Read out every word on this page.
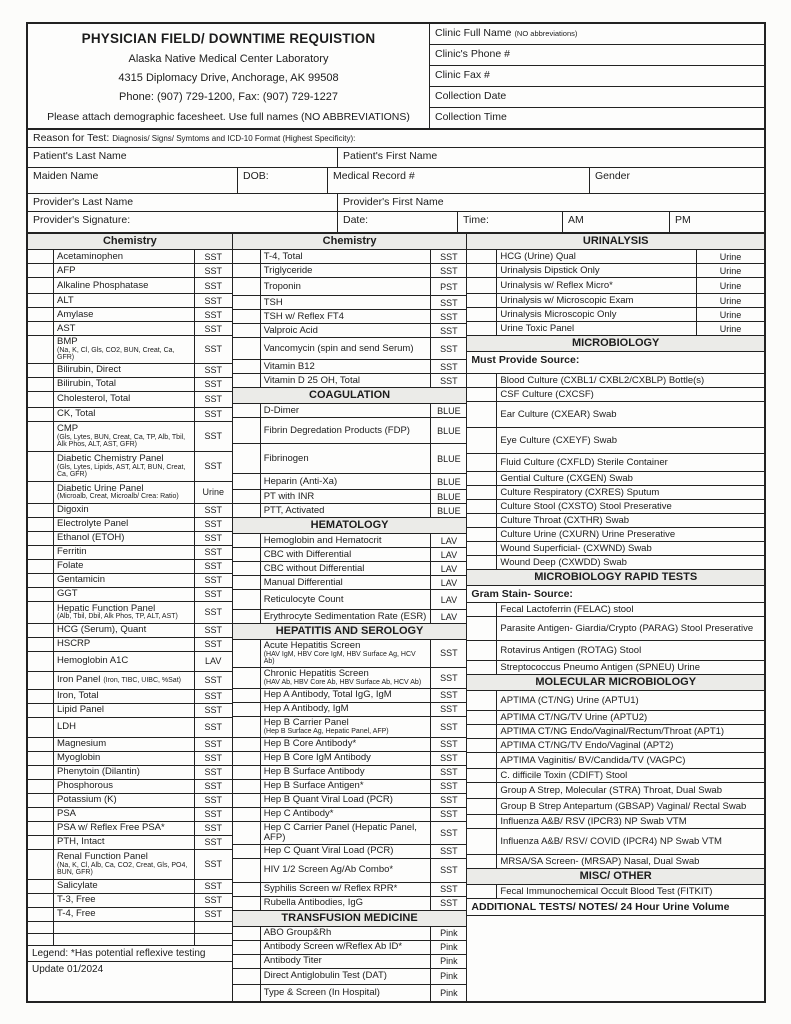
PHYSICIAN FIELD/ DOWNTIME REQUISTION
Alaska Native Medical Center Laboratory
4315 Diplomacy Drive, Anchorage, AK 99508
Phone: (907) 729-1200, Fax: (907) 729-1227
Please attach demographic facesheet. Use full names (NO ABBREVIATIONS)
Clinic Full Name (NO abbreviations)
Clinic's Phone #
Clinic Fax #
Collection Date
Collection Time
Reason for Test: Diagnosis/ Signs/ Symtoms and ICD-10 Format (Highest Specificity):
Patient's Last Name	Patient's First Name
Maiden Name	DOB:	Medical Record #	Gender
Provider's Last Name	Provider's First Name
Provider's Signature:	Date:	Time:	AM	PM
Chemistry
Acetaminophen	SST
AFP	SST
Alkaline Phosphatase	SST
ALT	SST
Amylase	SST
AST	SST
BMP
(Na, K, Cl, Gls, CO2, BUN, Creat, Ca, GFR)
SST
Bilirubin, Direct	SST
Bilirubin, Total	SST
Cholesterol, Total	SST
CK, Total	SST
CMP
(Gls, Lytes, BUN, Creat, Ca, TP, Alb, Tbil, Alk Phos, ALT, AST, GFR)
SST
Diabetic Chemistry Panel
(Gls, Lytes, Lipids, AST, ALT, BUN, Creat, Ca, GFR)
SST
Diabetic Urine Panel
(Microalb, Creat, Microalb/ Crea: Ratio)	Urine
Digoxin	SST
Electrolyte Panel	SST
Ethanol (ETOH)	SST
Ferritin	SST
Folate	SST
Gentamicin	SST
GGT	SST
Hepatic Function Panel
(Alb, Tbil, Dbil, Alk Phos, TP, ALT, AST)	SST
HCG (Serum), Quant	SST
HSCRP	SST
Hemoglobin A1C	LAV
Iron Panel (Iron, TIBC, UIBC, %Sat)	SST
Iron, Total	SST
Lipid Panel	SST
LDH	SST
Magnesium	SST
Myoglobin	SST
Phenytoin (Dilantin)	SST
Phosphorous	SST
Potassium (K)	SST
PSA	SST
PSA w/ Reflex Free PSA*	SST
PTH, Intact	SST
Renal Function Panel
(Na, K, Cl, Alb, Ca, CO2, Creat, Gls, PO4, BUN, GFR)
SST
Salicylate	SST
T-3, Free	SST
T-4, Free	SST
Legend: *Has potential reflexive testing
Update 01/2024
Chemistry
T-4, Total	SST
Triglyceride	SST
Troponin	PST
TSH	SST
TSH w/ Reflex FT4	SST
Valproic Acid	SST
Vancomycin (spin and send Serum)	SST
Vitamin B12	SST
Vitamin D 25 OH, Total	SST
COAGULATION
D-Dimer	BLUE
Fibrin Degredation Products (FDP)	BLUE
Fibrinogen	BLUE
Heparin (Anti-Xa)	BLUE
PT with INR	BLUE
PTT, Activated	BLUE
HEMATOLOGY
Hemoglobin and Hematocrit	LAV
CBC with Differential	LAV
CBC without Differential	LAV
Manual Differential	LAV
Reticulocyte Count	LAV
Erythrocyte Sedimentation Rate (ESR)	LAV
HEPATITIS AND SEROLOGY
Acute Hepatitis Screen
(HAV IgM, HBV Core IgM, HBV Surface Ag, HCV Ab)
SST
Chronic Hepatitis Screen
(HAV Ab, HBV Core Ab, HBV Surface Ab, HCV Ab)	SST
Hep A Antibody, Total IgG, IgM	SST
Hep A Antibody, IgM	SST
Hep B Carrier Panel
(Hep B Surface Ag, Hepatic Panel, AFP)	SST
Hep B Core Antibody*	SST
Hep B Core IgM Antibody	SST
Hep B Surface Antibody	SST
Hep B Surface Antigen*	SST
Hep B Quant Viral Load (PCR)	SST
Hep C Antibody*	SST
Hep C Carrier Panel (Hepatic Panel, AFP)	SST
Hep C Quant Viral Load (PCR)	SST
HIV 1/2 Screen Ag/Ab Combo*	SST
Syphilis Screen w/ Reflex RPR*	SST
Rubella Antibodies, IgG	SST
TRANSFUSION MEDICINE
ABO Group&Rh	Pink
Antibody Screen w/Reflex Ab ID*	Pink
Antibody Titer	Pink
Direct Antiglobulin Test (DAT)	Pink
Type & Screen (In Hospital)	Pink
URINALYSIS
HCG (Urine) Qual	Urine
Urinalysis Dipstick Only	Urine
Urinalysis w/ Reflex Micro*	Urine
Urinalysis w/ Microscopic Exam	Urine
Urinalysis Microscopic Only	Urine
Urine Toxic Panel	Urine
MICROBIOLOGY
Must Provide Source:
Blood Culture (CXBL1/ CXBL2/CXBLP) Bottle(s)
CSF Culture (CXCSF)
Ear Culture (CXEAR) Swab
Eye Culture (CXEYF) Swab
Fluid Culture (CXFLD) Sterile Container
Gential Culture (CXGEN) Swab
Culture Respiratory (CXRES) Sputum
Culture Stool (CXSTO) Stool Preserative
Culture Throat (CXTHR) Swab
Culture Urine (CXURN) Urine Preserative
Wound Superficial- (CXWND) Swab
Wound Deep (CXWDD) Swab
MICROBIOLOGY RAPID TESTS
Gram Stain- Source:
Fecal Lactoferrin (FELAC) stool
Parasite Antigen- Giardia/Crypto (PARAG) Stool Preserative
Rotavirus Antigen (ROTAG) Stool
Streptococcus Pneumo Antigen (SPNEU) Urine
MOLECULAR MICROBIOLOGY
APTIMA (CT/NG) Urine (APTU1)
APTIMA CT/NG/TV Urine (APTU2)
APTIMA CT/NG Endo/Vaginal/Rectum/Throat (APT1)
APTIMA CT/NG/TV Endo/Vaginal (APT2)
APTIMA Vaginitis/ BV/Candida/TV (VAGPC)
C. difficile Toxin (CDIFT) Stool
Group A Strep, Molecular (STRA) Throat, Dual Swab
Group B Strep Antepartum (GBSAP) Vaginal/ Rectal Swab
Influenza A&B/ RSV (IPCR3) NP Swab VTM
Influenza A&B/ RSV/ COVID (IPCR4) NP Swab VTM
MRSA/SA Screen- (MRSAP) Nasal, Dual Swab
MISC/ OTHER
Fecal Immunochemical Occult Blood Test (FITKIT)
ADDITIONAL TESTS/ NOTES/ 24 Hour Urine Volume
